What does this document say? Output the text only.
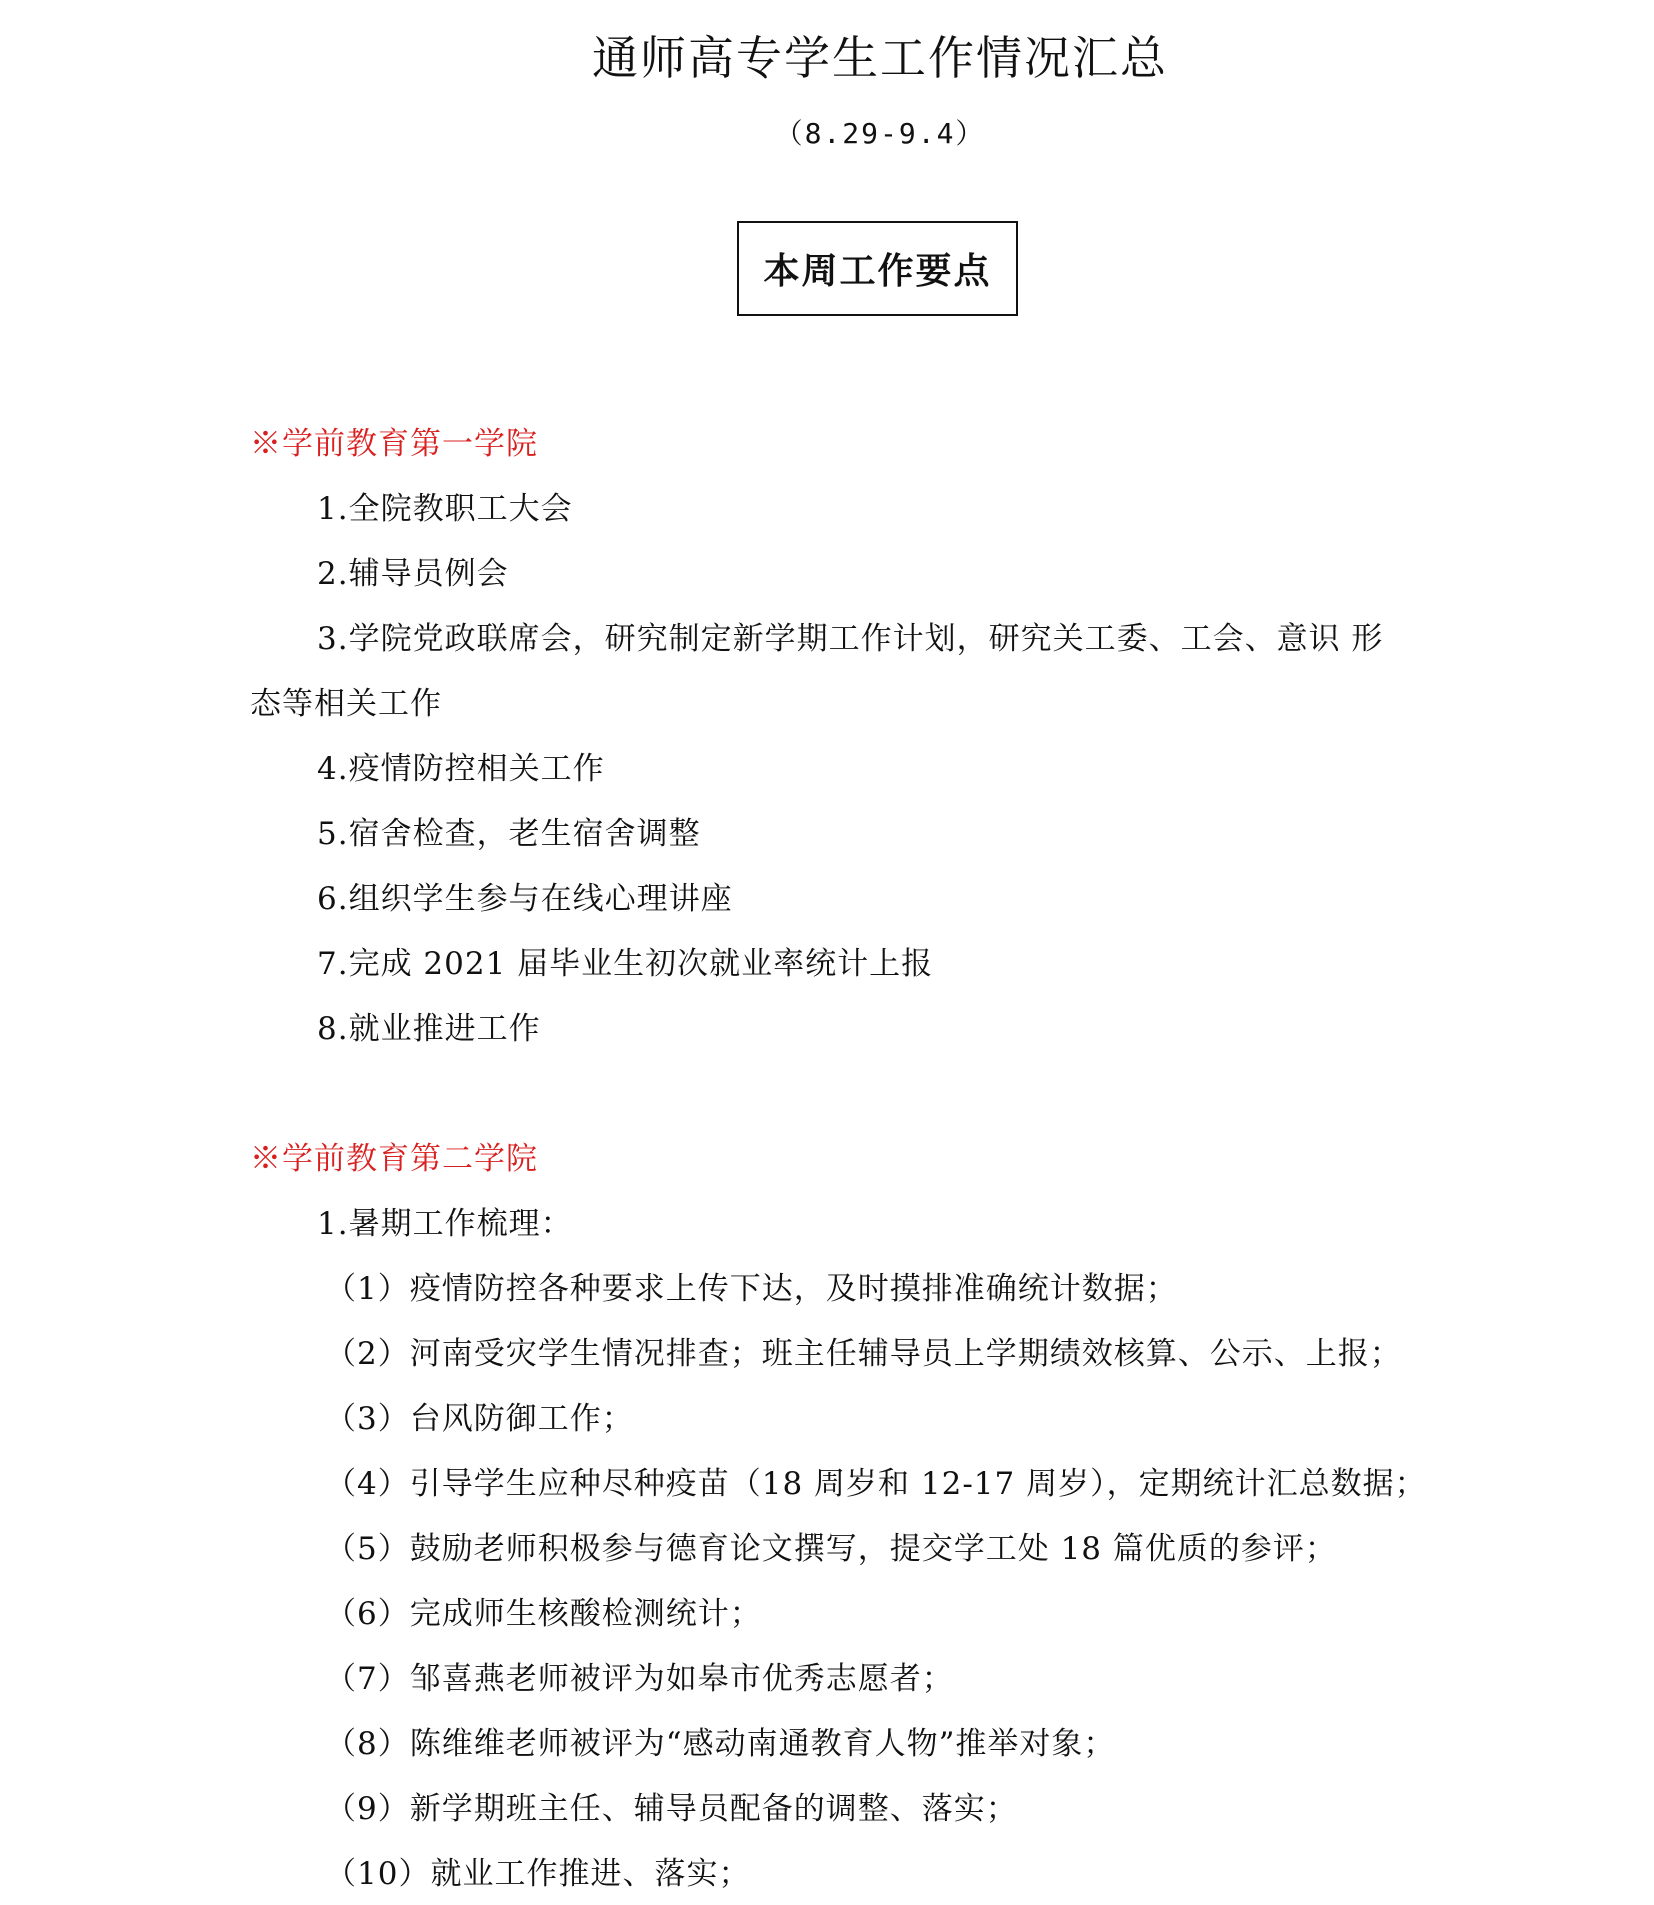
通师高专学生工作情况汇总
（8.29-9.4）
本周工作要点
※学前教育第一学院
1.全院教职工大会
2.辅导员例会
3.学院党政联席会，研究制定新学期工作计划，研究关工委、工会、意识 形
态等相关工作
4.疫情防控相关工作
5.宿舍检查，老生宿舍调整
6.组织学生参与在线心理讲座
7.完成 2021 届毕业生初次就业率统计上报
8.就业推进工作
※学前教育第二学院
1.暑期工作梳理：
（1）疫情防控各种要求上传下达，及时摸排准确统计数据；
（2）河南受灾学生情况排查；班主任辅导员上学期绩效核算、公示、上报；
（3）台风防御工作；
（4）引导学生应种尽种疫苗（18 周岁和 12-17 周岁），定期统计汇总数据；
（5）鼓励老师积极参与德育论文撰写，提交学工处 18 篇优质的参评；
（6）完成师生核酸检测统计；
（7）邹喜燕老师被评为如皋市优秀志愿者；
（8）陈维维老师被评为“感动南通教育人物”推举对象；
（9）新学期班主任、辅导员配备的调整、落实；
（10）就业工作推进、落实；
